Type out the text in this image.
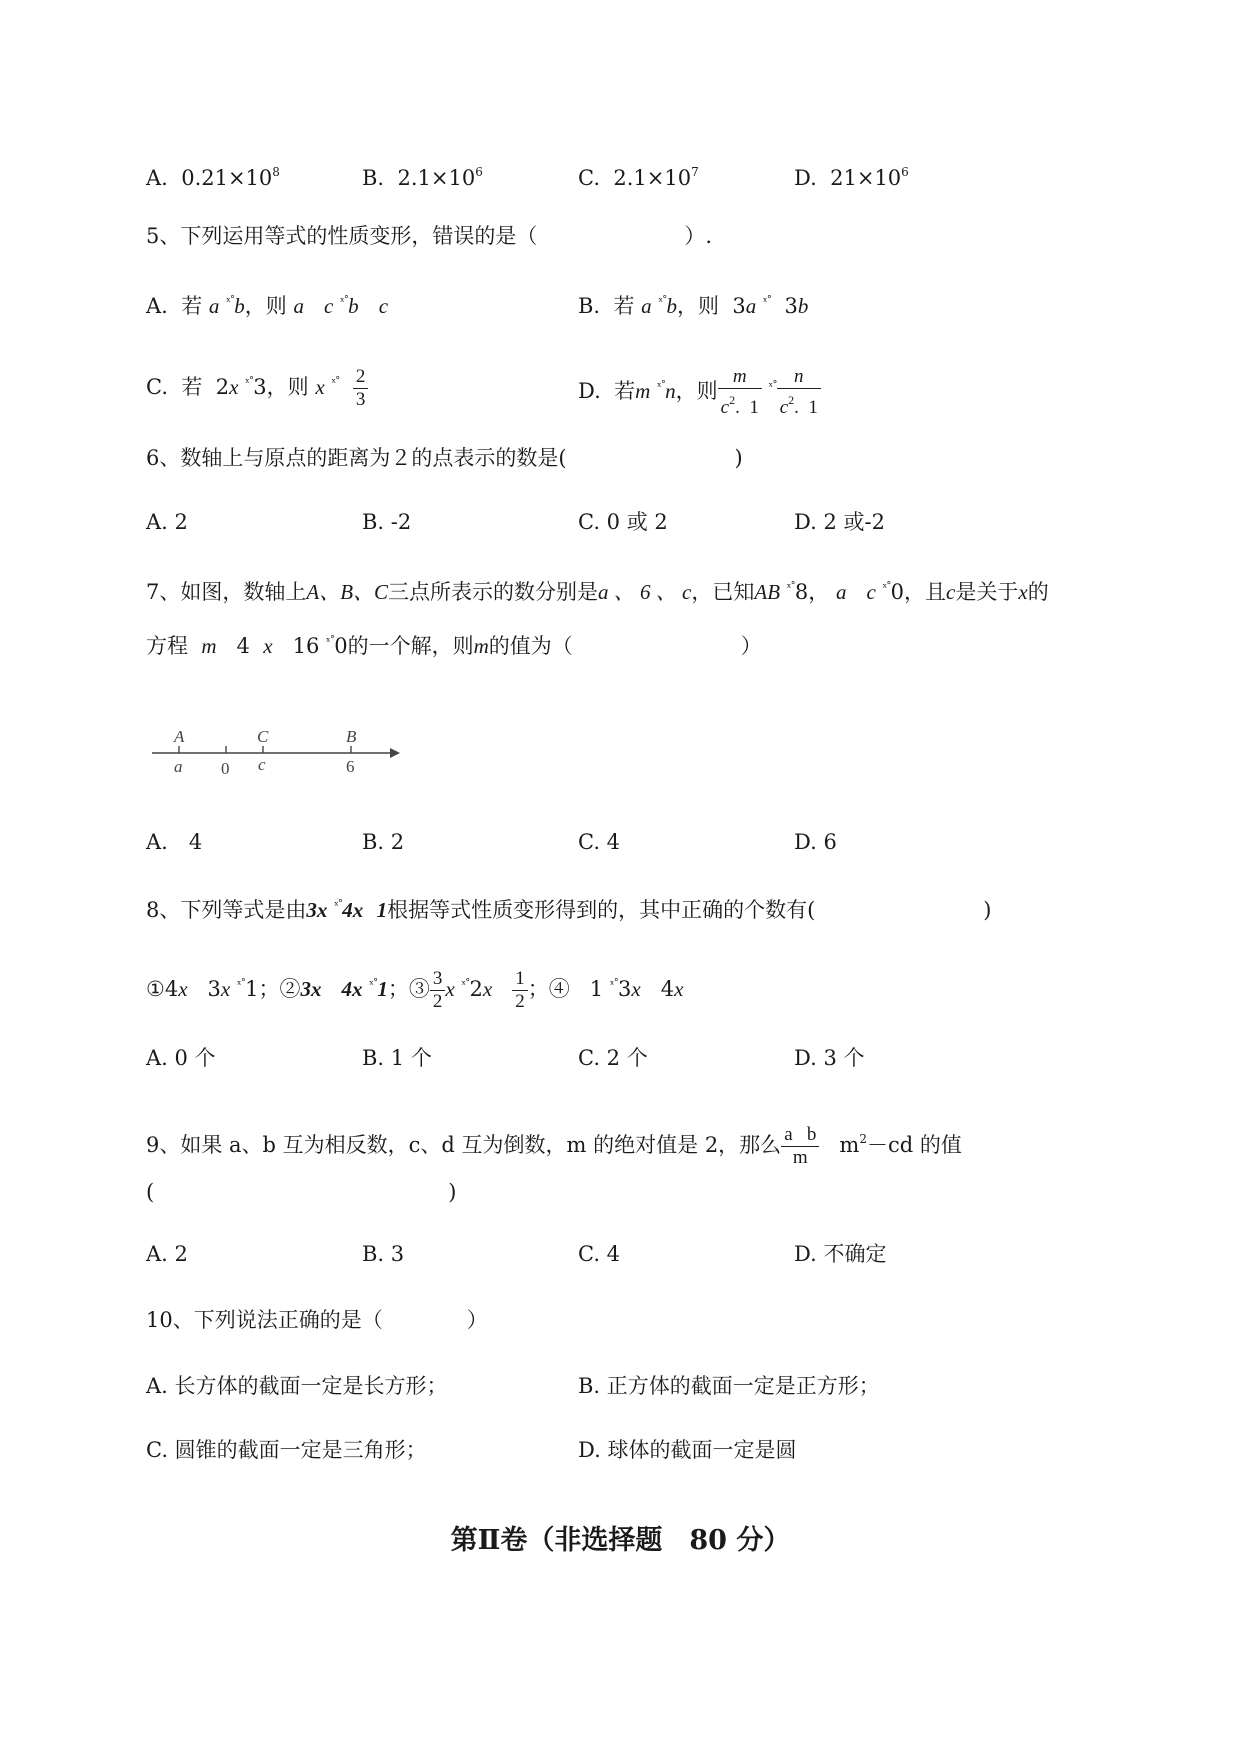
A. $0.21\times 10^8$	B. $2.1\times 10^6$	C. $2.1\times 10^7$	D. $21\times 10^6$
5、下列运用等式的性质变形，错误的是（　　　　　　　）.
A. 若 a $^{ˣ˚}$b，则 a c $^{ˣ˚}$b c	B. 若 a $^{ˣ˚}$b，则  3a $^{ˣ˚}$  3b
C. 若  2x $^{ˣ˚}$3，则 x $^{ˣ˚} \frac{2}{3}$	D. 若m $^{ˣ˚}$n，则 $\frac{m}{c^2. 1} ^{ˣ˚} \frac{n}{c^2. 1}$
6、数轴上与原点的距离为２的点表示的数是(　　　　　　　　)
A. 2	B. -2	C. 0 或 2	D. 2 或-2
7、如图，数轴上A、B、C三点所表示的数分别是a 、 6 、 c，已知AB $^{ˣ˚}$8， a c $^{ˣ˚}$0，且c是关于x的
方程 m   4  x   16 $^{ˣ˚}$0的一个解，则m的值为（　　　　　　　　）
A	C	B
a 0 c	6
A.　4	B. 2	C. 4	D. 6
8、下列等式是由3x $^{ˣ˚}$4x 1根据等式性质变形得到的，其中正确的个数有(　　　　　　　　)
①4x   3x $^{ˣ˚}$1；②3x 4x $^{ˣ˚}$1；③ $\frac{3}{2}$ x $^{ˣ˚}2x \frac{1}{2}$ ；④   1 $^{ˣ˚}$3x   4x
A. 0 个	B. 1 个	C. 2 个	D. 3 个
9、如果 a、b 互为相反数，c、d 互为倒数，m 的绝对值是 2，那么 $\frac{\text{a   b}}{m} m^2-cd$ 的值
(　　　　　　　　　　　　　　)
A. 2	B. 3	C. 4	D. 不确定
10、下列说法正确的是（　　　　）
A. 长方体的截面一定是长方形；	B. 正方体的截面一定是正方形；
C. 圆锥的截面一定是三角形；	D. 球体的截面一定是圆
第Ⅱ卷（非选择题　80 分）
